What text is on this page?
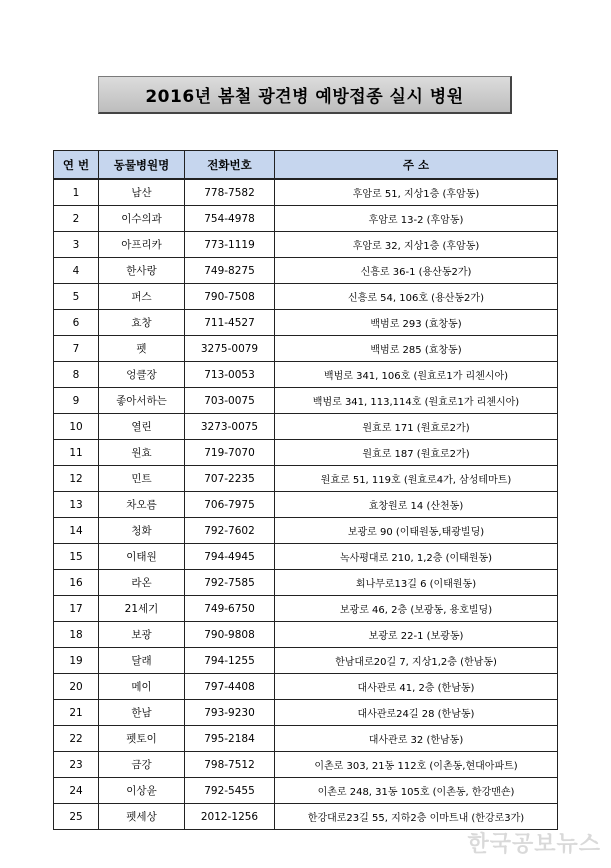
2016년 봄철 광견병 예방접종 실시 병원
연 번	동물병원명	전화번호	주 소
1	남산	778-7582	후암로 51, 지상1층 (후암동)
2	이수의과	754-4978	후암로 13-2 (후암동)
3	아프리카	773-1119	후암로 32, 지상1층 (후암동)
4	한사랑	749-8275	신흥로 36-1 (용산동2가)
5	퍼스	790-7508	신흥로 54, 106호 (용산동2가)
6	효창	711-4527	백범로 293 (효창동)
7	펫	3275-0079	백범로 285 (효창동)
8	엉클장	713-0053	백범로 341, 106호 (원효로1가 리첸시아)
9	좋아서하는	703-0075	백범로 341, 113,114호 (원효로1가 리첸시아)
10	열린	3273-0075	원효로 171 (원효로2가)
11	원효	719-7070	원효로 187 (원효로2가)
12	민트	707-2235	원효로 51, 119호 (원효로4가, 삼성테마트)
13	차오름	706-7975	효창원로 14 (산천동)
14	청화	792-7602	보광로 90 (이태원동,태광빌딩)
15	이태원	794-4945	녹사평대로 210, 1,2층 (이태원동)
16	라온	792-7585	회나무로13길 6 (이태원동)
17	21세기	749-6750	보광로 46, 2층 (보광동, 용호빌딩)
18	보광	790-9808	보광로 22-1 (보광동)
19	달래	794-1255	한남대로20길 7, 지상1,2층 (한남동)
20	메이	797-4408	대사관로 41, 2층 (한남동)
21	한남	793-9230	대사관로24길 28 (한남동)
22	펫토이	795-2184	대사관로 32 (한남동)
23	금강	798-7512	이촌로 303, 21동 112호 (이촌동,현대아파트)
24	이상윤	792-5455	이촌로 248, 31동 105호 (이촌동, 한강맨숀)
25	펫세상	2012-1256	한강대로23길 55, 지하2층 이마트내 (한강로3가)
한국공보뉴스
